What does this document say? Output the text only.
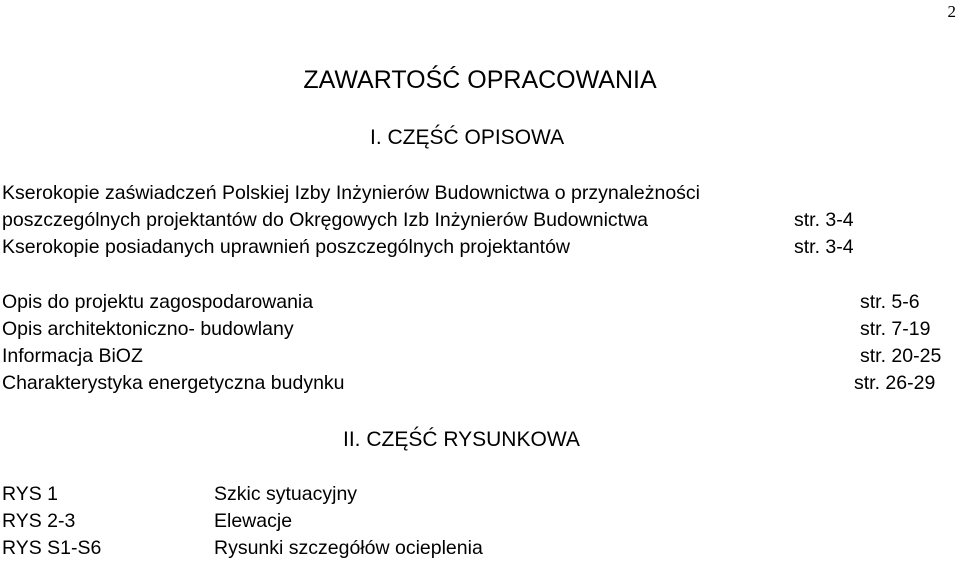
2
ZAWARTOŚĆ OPRACOWANIA
I. CZĘŚĆ OPISOWA
Kserokopie zaświadczeń Polskiej Izby Inżynierów Budownictwa o przynależności
poszczególnych projektantów do Okręgowych Izb Inżynierów Budownictwa	str. 3-4
Kserokopie posiadanych uprawnień poszczególnych projektantów	str. 3-4
Opis do projektu zagospodarowania	str. 5-6
Opis architektoniczno- budowlany	str. 7-19
Informacja BiOZ	str. 20-25
Charakterystyka energetyczna budynku	str. 26-29
II. CZĘŚĆ RYSUNKOWA
RYS 1	Szkic sytuacyjny
RYS 2-3	Elewacje
RYS S1-S6	Rysunki szczegółów ocieplenia
